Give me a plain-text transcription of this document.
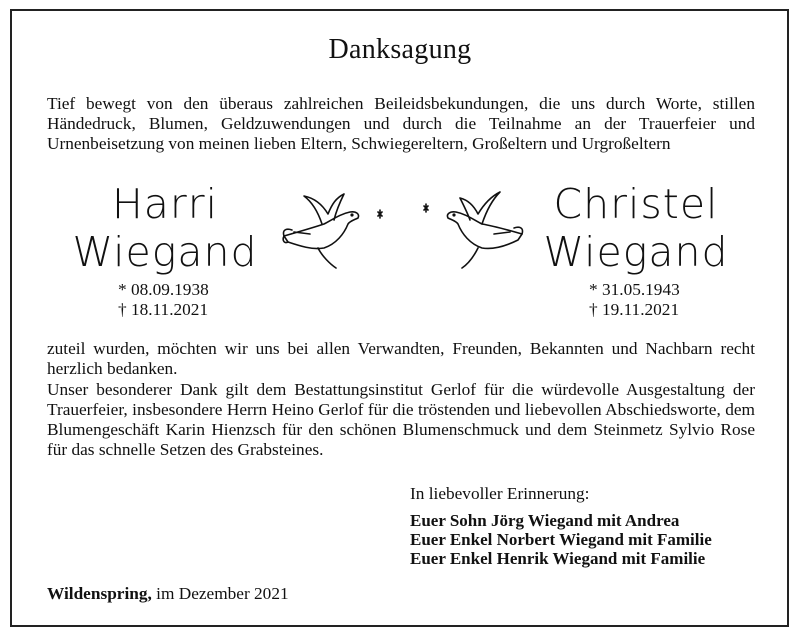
Danksagung
Tief bewegt von den überaus zahlreichen Beileidsbekundungen, die uns durch Worte, stillen Händedruck, Blumen, Geldzuwendungen und durch die Teilnahme an der Trauerfeier und Urnenbeisetzung von meinen lieben Eltern, Schwiegereltern, Großeltern und Urgroßeltern
Harri
Wiegand
Christel
Wiegand
* 08.09.1938
† 18.11.2021
* 31.05.1943
† 19.11.2021
zuteil wurden, möchten wir uns bei allen Verwandten, Freunden, Bekannten und Nachbarn recht herzlich bedanken.
Unser besonderer Dank gilt dem Bestattungsinstitut Gerlof für die würdevolle Ausgestaltung der Trauerfeier, insbesondere Herrn Heino Gerlof für die tröstenden und liebevollen Abschiedsworte, dem Blumengeschäft Karin Hienzsch für den schönen Blumenschmuck und dem Steinmetz Sylvio Rose für das schnelle Setzen des Grabsteines.
In liebevoller Erinnerung:
Euer Sohn Jörg Wiegand mit Andrea
Euer Enkel Norbert Wiegand mit Familie
Euer Enkel Henrik Wiegand mit Familie
Wildenspring, im Dezember 2021
